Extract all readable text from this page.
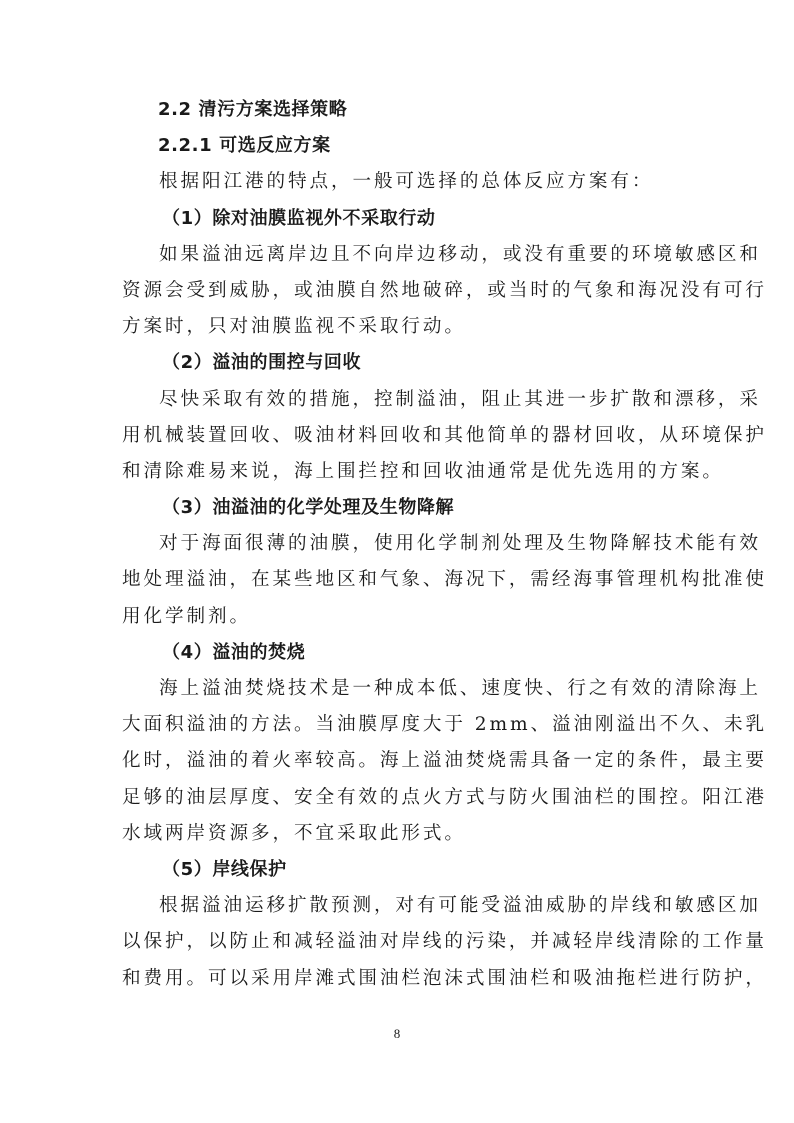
2.2 清污方案选择策略
2.2.1 可选反应方案
根据阳江港的特点，一般可选择的总体反应方案有：
（1）除对油膜监视外不采取行动
如果溢油远离岸边且不向岸边移动，或没有重要的环境敏感区和
资源会受到威胁，或油膜自然地破碎，或当时的气象和海况没有可行
方案时，只对油膜监视不采取行动。
（2）溢油的围控与回收
尽快采取有效的措施，控制溢油，阻止其进一步扩散和漂移，采
用机械装置回收、吸油材料回收和其他简单的器材回收，从环境保护
和清除难易来说，海上围拦控和回收油通常是优先选用的方案。
（3）油溢油的化学处理及生物降解
对于海面很薄的油膜，使用化学制剂处理及生物降解技术能有效
地处理溢油，在某些地区和气象、海况下，需经海事管理机构批准使
用化学制剂。
（4）溢油的焚烧
海上溢油焚烧技术是一种成本低、速度快、行之有效的清除海上
大面积溢油的方法。当油膜厚度大于 2mm、溢油刚溢出不久、未乳
化时，溢油的着火率较高。海上溢油焚烧需具备一定的条件，最主要
足够的油层厚度、安全有效的点火方式与防火围油栏的围控。阳江港
水域两岸资源多，不宜采取此形式。
（5）岸线保护
根据溢油运移扩散预测，对有可能受溢油威胁的岸线和敏感区加
以保护，以防止和减轻溢油对岸线的污染，并减轻岸线清除的工作量
和费用。可以采用岸滩式围油栏泡沫式围油栏和吸油拖栏进行防护，
8
